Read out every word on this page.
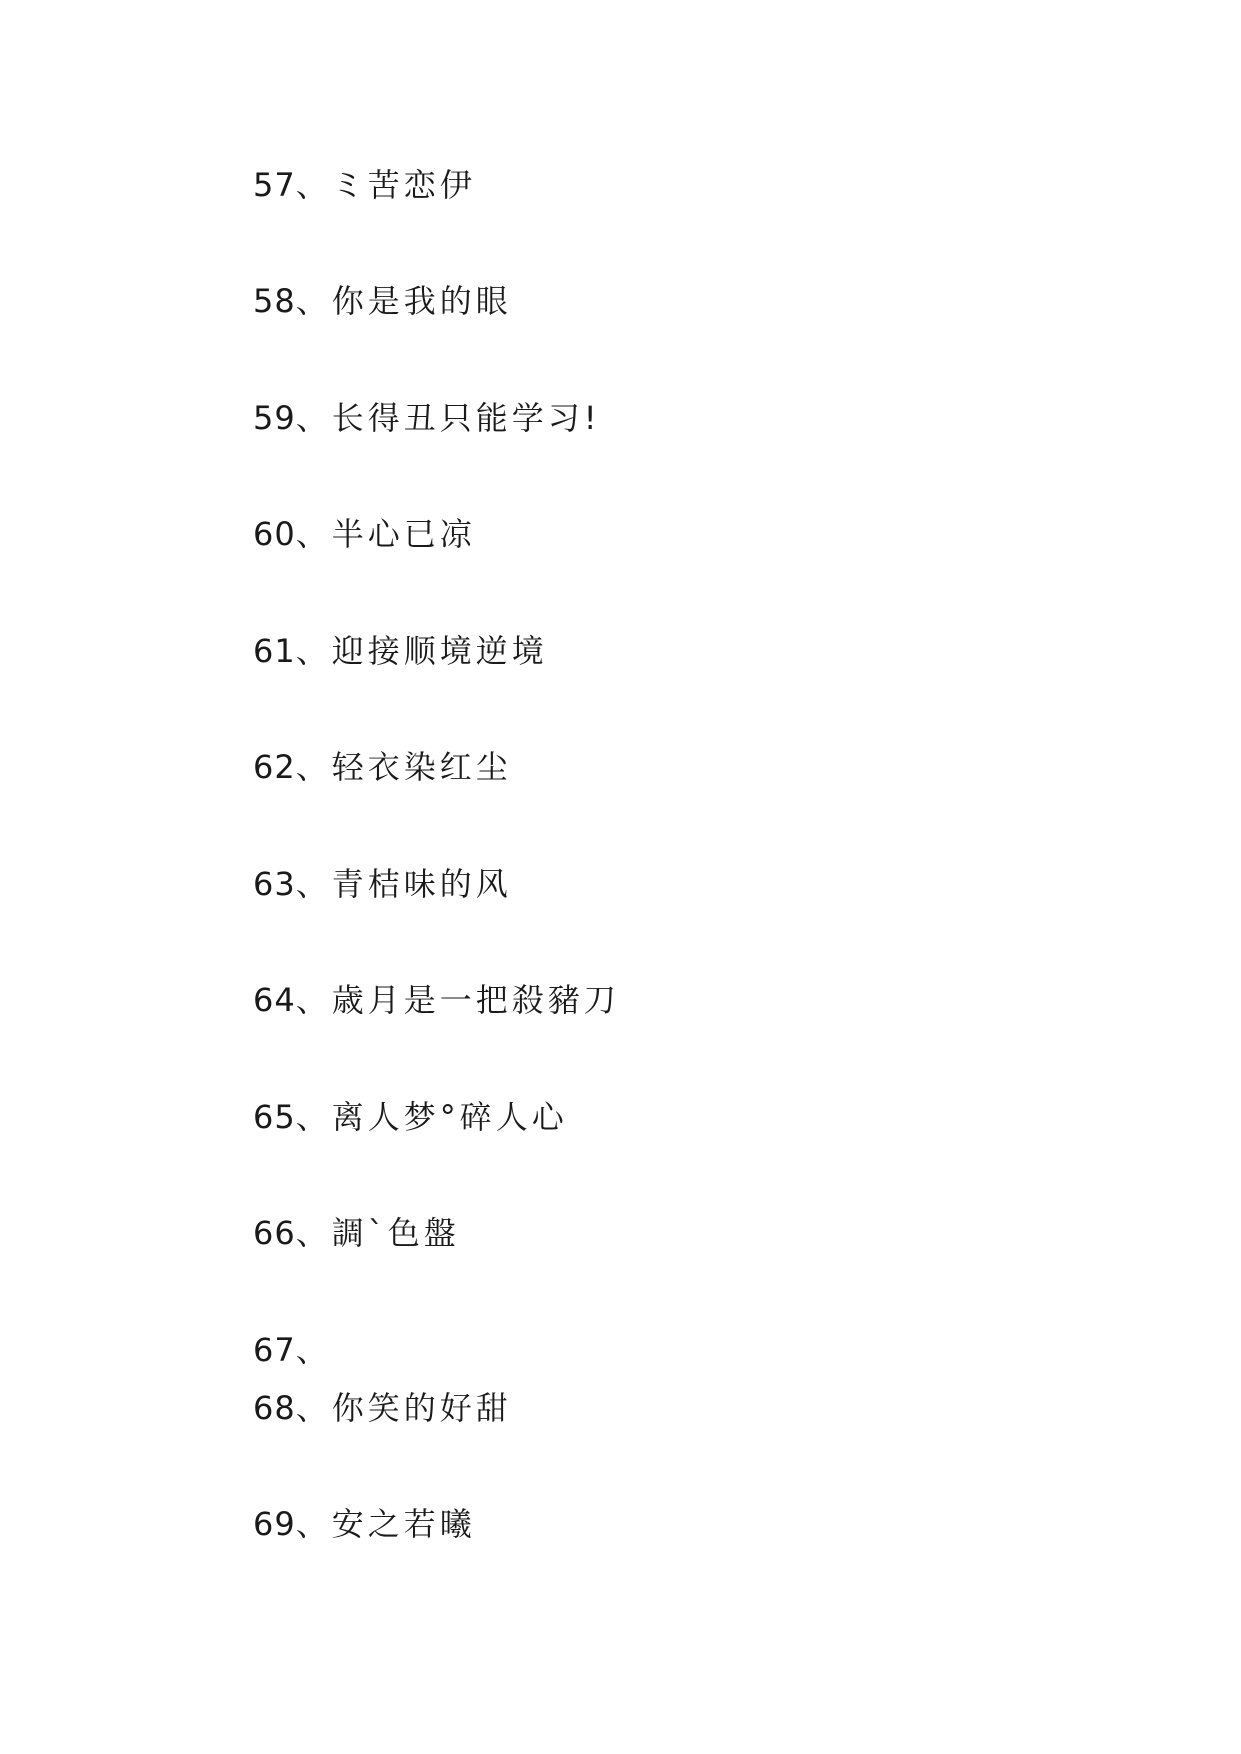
57、ミ苦恋伊
58、你是我的眼
59、长得丑只能学习!
60、半心已凉
61、迎接顺境逆境
62、轻衣染红尘
63、青桔味的风
64、歳月是一把殺豬刀
65、离人梦°碎人心
66、調`色盤
67、
68、你笑的好甜
69、安之若曦
